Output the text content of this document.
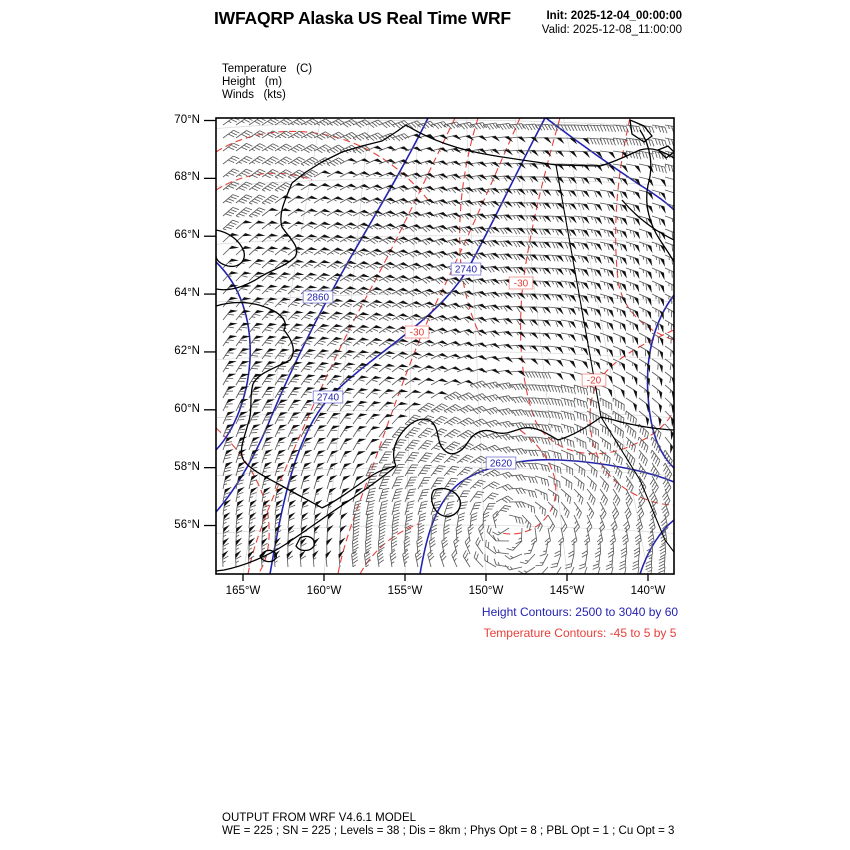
IWFAQRP Alaska US Real Time WRF	Init: 2025-12-04_00:00:00
Valid: 2025-12-08_11:00:00
Temperature   (C)
Height   (m)
Winds   (kts)
2740
-30
2860
-30
2740
-20
2620
70°N
68°N
66°N
64°N
62°N
60°N
58°N
56°N
165°W	160°W	155°W	150°W	145°W	140°W
Height Contours: 2500 to 3040 by 60
Temperature Contours: -45 to 5 by 5
OUTPUT FROM WRF V4.6.1 MODEL
WE = 225 ; SN = 225 ; Levels = 38 ; Dis = 8km ; Phys Opt = 8 ; PBL Opt = 1 ; Cu Opt = 3
